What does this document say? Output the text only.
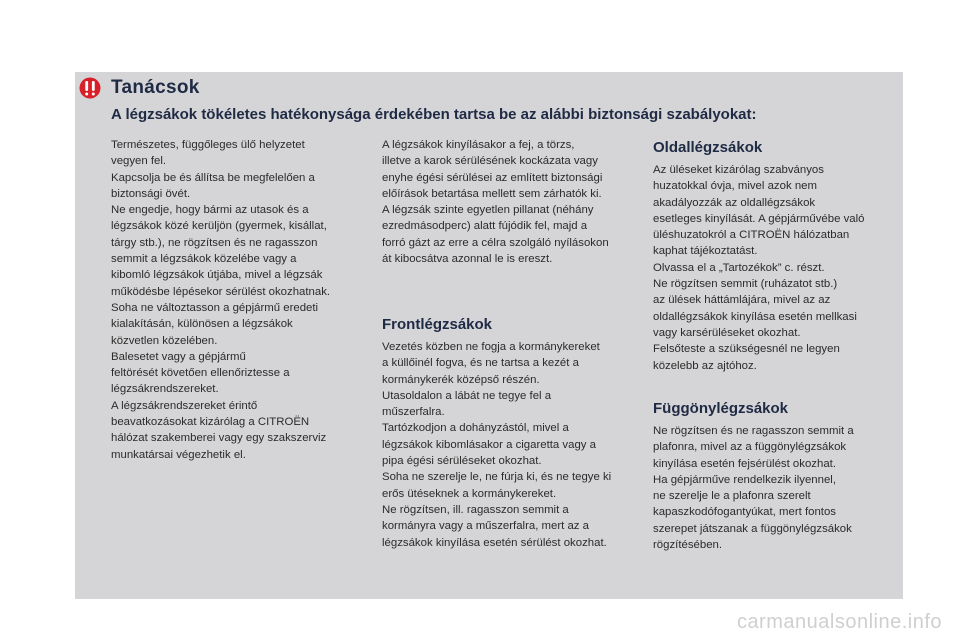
Tanácsok
A légzsákok tökéletes hatékonysága érdekében tartsa be az alábbi biztonsági szabályokat:
Természetes, függőleges ülő helyzetet
vegyen fel.
Kapcsolja be és állítsa be megfelelően a
biztonsági övét.
Ne engedje, hogy bármi az utasok és a
légzsákok közé kerüljön (gyermek, kisállat,
tárgy stb.), ne rögzítsen és ne ragasszon
semmit a légzsákok közelébe vagy a
kibomló légzsákok útjába, mivel a légzsák
működésbe lépésekor sérülést okozhatnak.
Soha ne változtasson a gépjármű eredeti
kialakításán, különösen a légzsákok
közvetlen közelében.
Balesetet vagy a gépjármű
feltörését követően ellenőriztesse a
légzsákrendszereket.
A légzsákrendszereket érintő
beavatkozásokat kizárólag a CITROËN
hálózat szakemberei vagy egy szakszerviz
munkatársai végezhetik el.
A légzsákok kinyílásakor a fej, a törzs,
illetve a karok sérülésének kockázata vagy
enyhe égési sérülései az említett biztonsági
előírások betartása mellett sem zárhatók ki.
A légzsák szinte egyetlen pillanat (néhány
ezredmásodperc) alatt fújódik fel, majd a
forró gázt az erre a célra szolgáló nyílásokon
át kibocsátva azonnal le is ereszt.
Frontlégzsákok
Vezetés közben ne fogja a kormánykereket
a küllőinél fogva, és ne tartsa a kezét a
kormánykerék középső részén.
Utasoldalon a lábát ne tegye fel a
műszerfalra.
Tartózkodjon a dohányzástól, mivel a
légzsákok kibomlásakor a cigaretta vagy a
pipa égési sérüléseket okozhat.
Soha ne szerelje le, ne fúrja ki, és ne tegye ki
erős ütéseknek a kormánykereket.
Ne rögzítsen, ill. ragasszon semmit a
kormányra vagy a műszerfalra, mert az a
légzsákok kinyílása esetén sérülést okozhat.
Oldallégzsákok
Az üléseket kizárólag szabványos
huzatokkal óvja, mivel azok nem
akadályozzák az oldallégzsákok
esetleges kinyílását. A gépjárművébe való
üléshuzatokról a CITROËN hálózatban
kaphat tájékoztatást.
Olvassa el a „Tartozékok” c. részt.
Ne rögzítsen semmit (ruházatot stb.)
az ülések háttámlájára, mivel az az
oldallégzsákok kinyílása esetén mellkasi
vagy karsérüléseket okozhat.
Felsőteste a szükségesnél ne legyen
közelebb az ajtóhoz.
Függönylégzsákok
Ne rögzítsen és ne ragasszon semmit a
plafonra, mivel az a függönylégzsákok
kinyílása esetén fejsérülést okozhat.
Ha gépjárműve rendelkezik ilyennel,
ne szerelje le a plafonra szerelt
kapaszkodófogantyúkat, mert fontos
szerepet játszanak a függönylégzsákok
rögzítésében.
carmanualsonline.info
